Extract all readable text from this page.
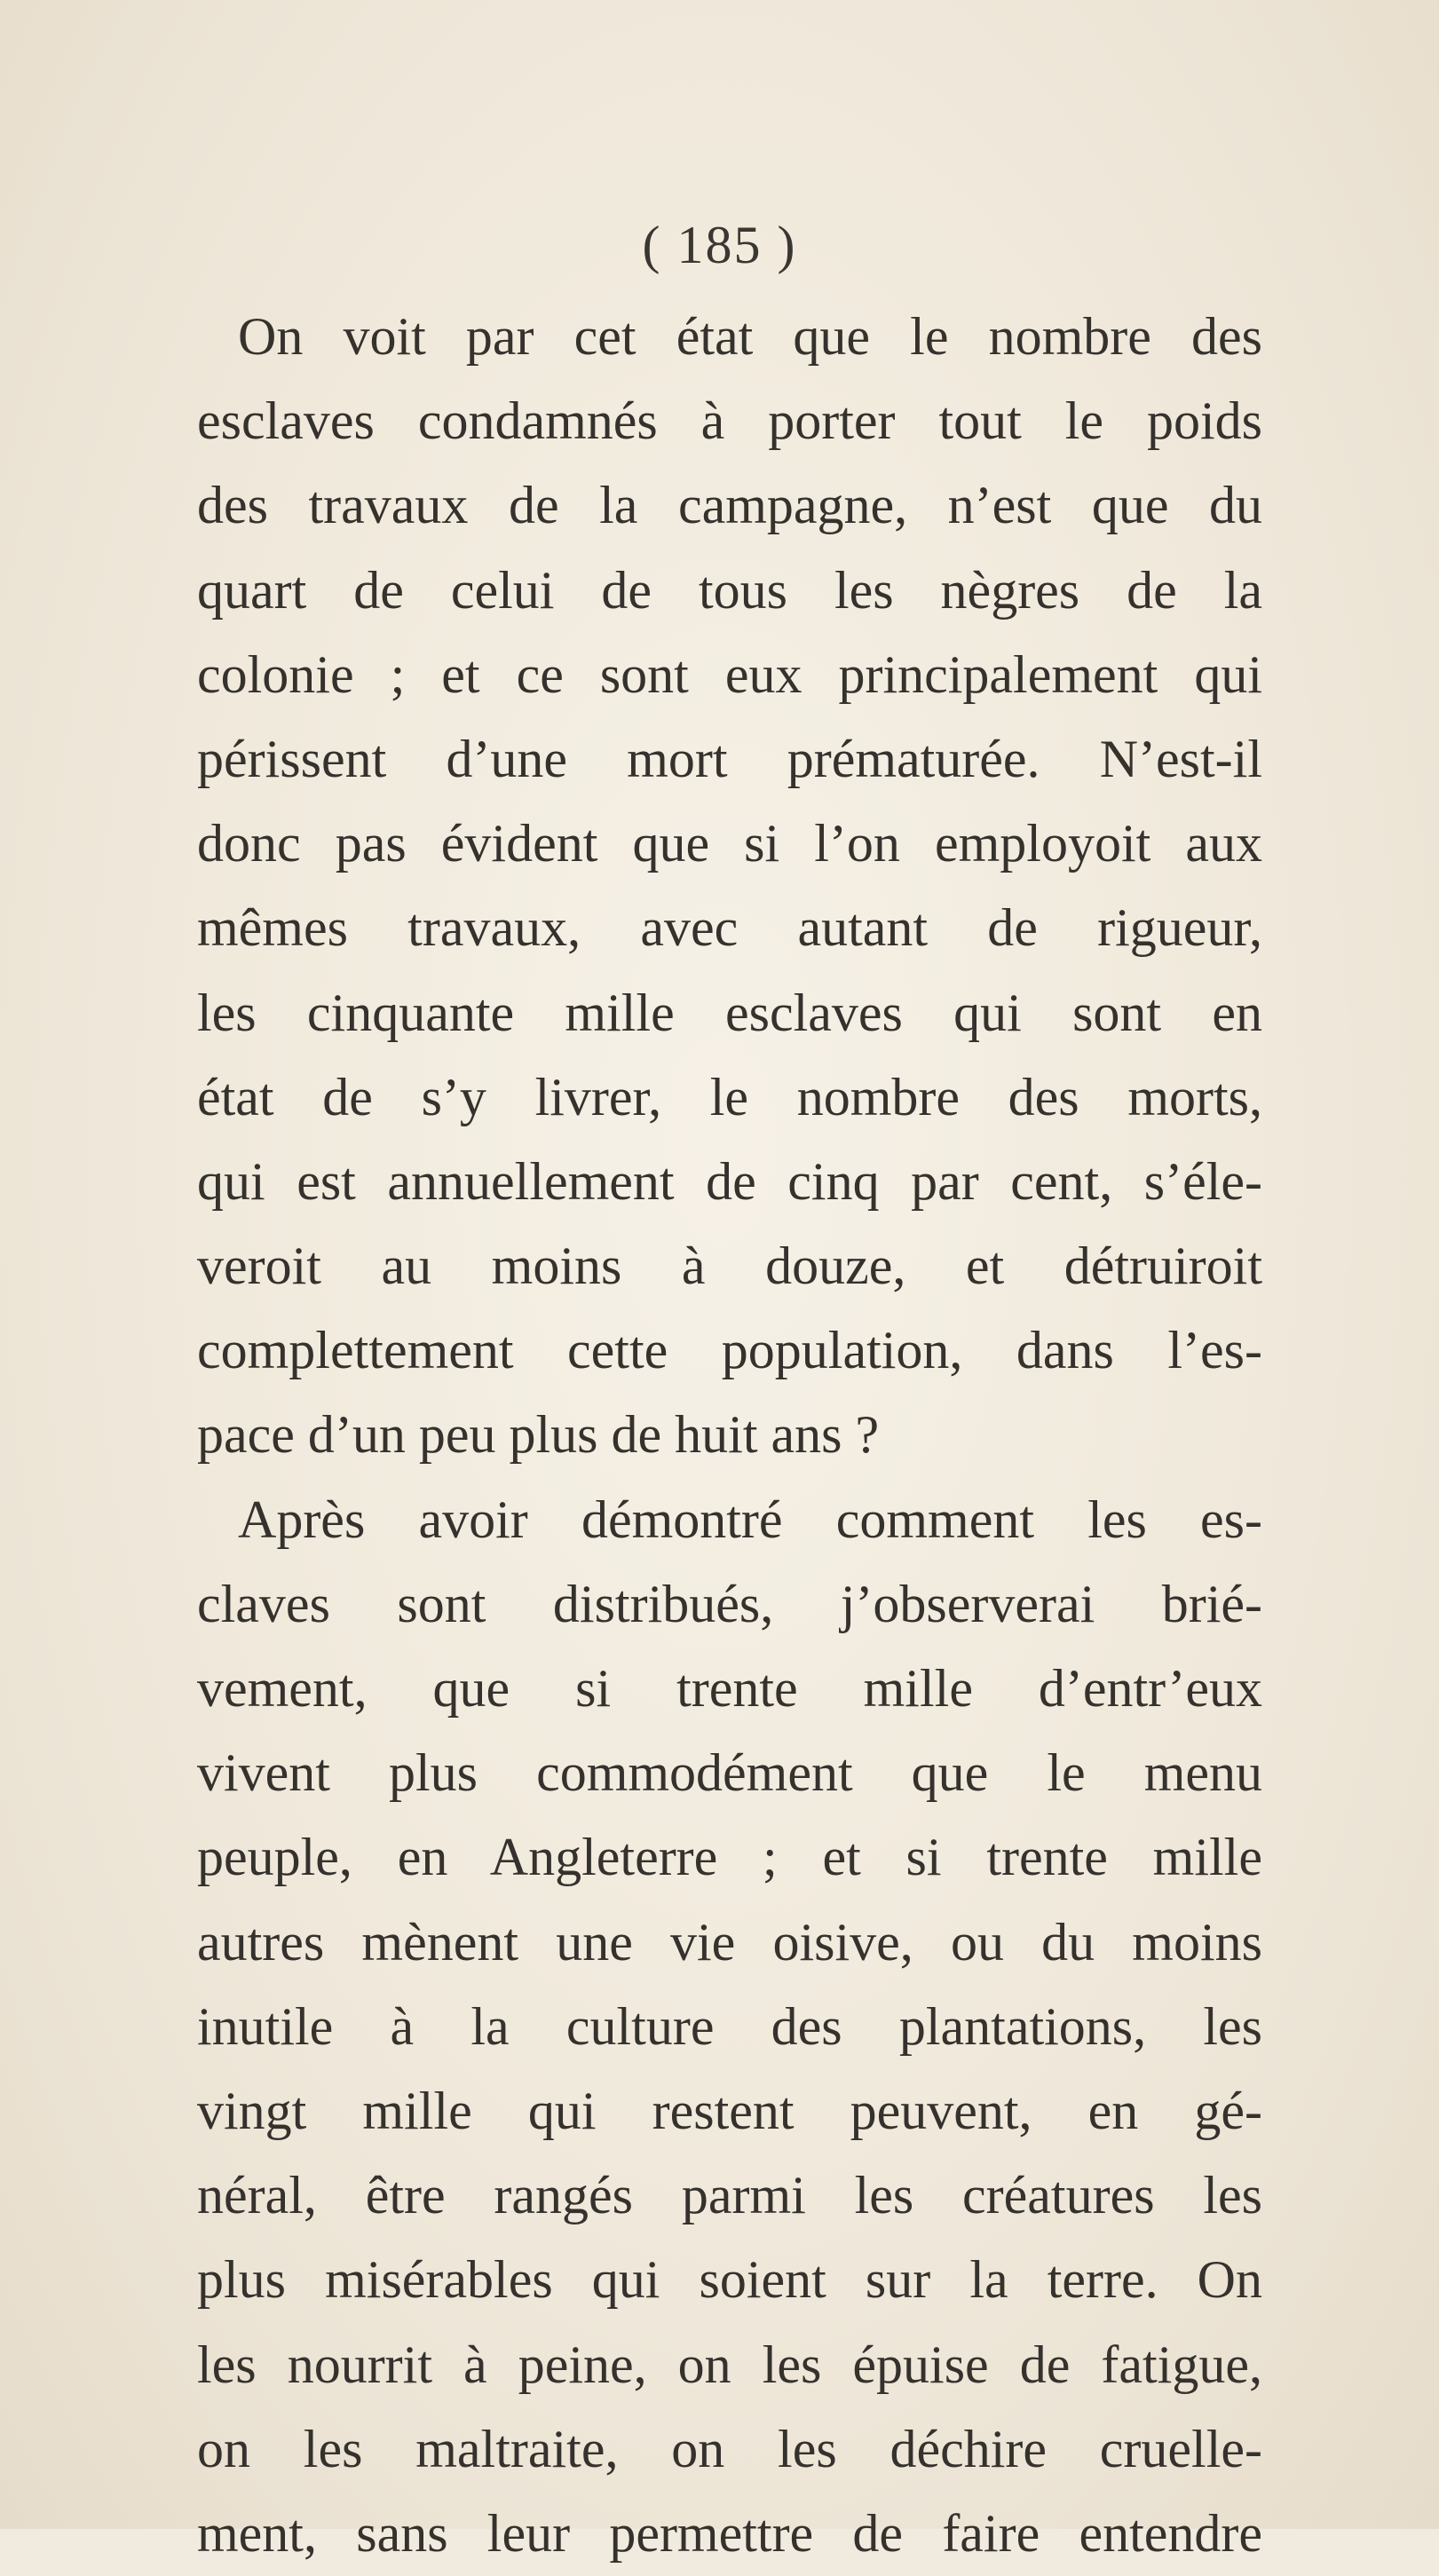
( 185 )
On voit par cet état que le nombre des
esclaves condamnés à porter tout le poids
des travaux de la campagne, n’est que du
quart de celui de tous les nègres de la
colonie ; et ce sont eux principalement qui
périssent d’une mort prématurée. N’est-il
donc pas évident que si l’on employoit aux
mêmes travaux, avec autant de rigueur,
les cinquante mille esclaves qui sont en
état de s’y livrer, le nombre des morts,
qui est annuellement de cinq par cent, s’éle-
veroit au moins à douze, et détruiroit
complettement cette population, dans l’es-
pace d’un peu plus de huit ans ?
Après avoir démontré comment les es-
claves sont distribués, j’observerai brié-
vement, que si trente mille d’entr’eux
vivent plus commodément que le menu
peuple, en Angleterre ; et si trente mille
autres mènent une vie oisive, ou du moins
inutile à la culture des plantations, les
vingt mille qui restent peuvent, en gé-
néral, être rangés parmi les créatures les
plus misérables qui soient sur la terre. On
les nourrit à peine, on les épuise de fatigue,
on les maltraite, on les déchire cruelle-
ment, sans leur permettre de faire entendre
